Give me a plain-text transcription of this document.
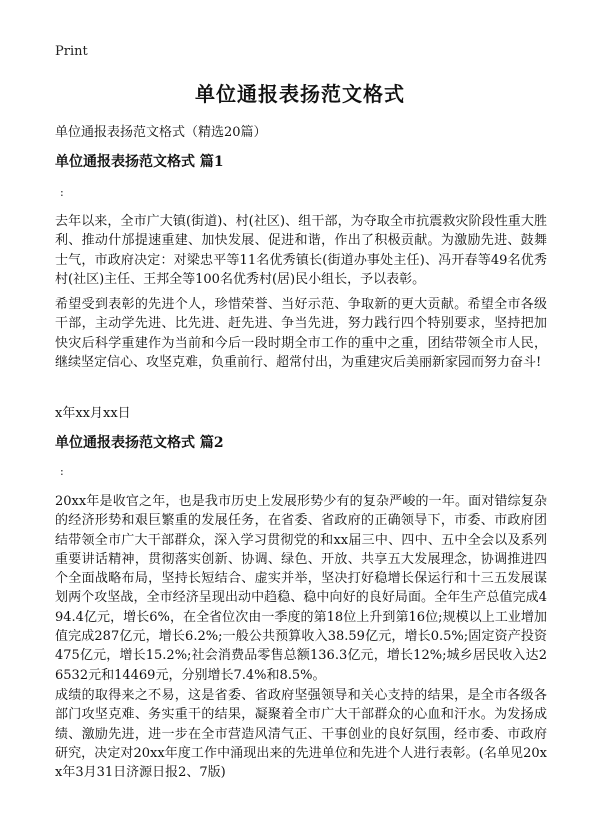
Print
单位通报表扬范文格式
单位通报表扬范文格式（精选20篇）
单位通报表扬范文格式 篇1
:
去年以来，全市广大镇(街道)、村(社区)、组干部，为夺取全市抗震救灾阶段性重大胜利、推动什邡提速重建、加快发展、促进和谐，作出了积极贡献。为激励先进、鼓舞士气，市政府决定：对梁忠平等11名优秀镇长(街道办事处主任)、冯开春等49名优秀村(社区)主任、王邦全等100名优秀村(居)民小组长，予以表彰。
希望受到表彰的先进个人，珍惜荣誉、当好示范、争取新的更大贡献。希望全市各级干部，主动学先进、比先进、赶先进、争当先进，努力践行四个特别要求，坚持把加快灾后科学重建作为当前和今后一段时期全市工作的重中之重，团结带领全市人民，继续坚定信心、攻坚克难，负重前行、超常付出，为重建灾后美丽新家园而努力奋斗!
x年xx月xx日
单位通报表扬范文格式 篇2
:
20xx年是收官之年，也是我市历史上发展形势少有的复杂严峻的一年。面对错综复杂的经济形势和艰巨繁重的发展任务，在省委、省政府的正确领导下，市委、市政府团结带领全市广大干部群众，深入学习贯彻党的和xx届三中、四中、五中全会以及系列重要讲话精神，贯彻落实创新、协调、绿色、开放、共享五大发展理念，协调推进四个全面战略布局，坚持长短结合、虚实并举，坚决打好稳增长保运行和十三五发展谋划两个攻坚战，全市经济呈现出动中趋稳、稳中向好的良好局面。全年生产总值完成494.4亿元，增长6%，在全省位次由一季度的第18位上升到第16位;规模以上工业增加值完成287亿元，增长6.2%;一般公共预算收入38.59亿元，增长0.5%;固定资产投资475亿元，增长15.2%;社会消费品零售总额136.3亿元，增长12%;城乡居民收入达26532元和14469元，分别增长7.4%和8.5%。
成绩的取得来之不易，这是省委、省政府坚强领导和关心支持的结果，是全市各级各部门攻坚克难、务实重干的结果，凝聚着全市广大干部群众的心血和汗水。为发扬成绩、激励先进，进一步在全市营造风清气正、干事创业的良好氛围，经市委、市政府研究，决定对20xx年度工作中涌现出来的先进单位和先进个人进行表彰。(名单见20xx年3月31日济源日报2、7版)
